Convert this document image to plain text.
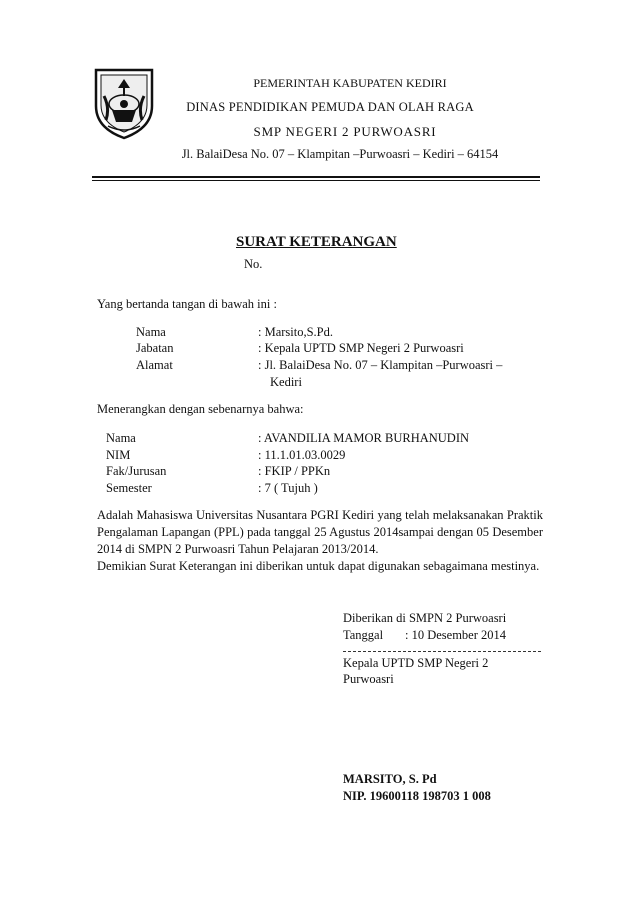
PEMERINTAH KABUPATEN KEDIRI
DINAS PENDIDIKAN PEMUDA DAN OLAH RAGA
SMP NEGERI 2 PURWOASRI
Jl. BalaiDesa No. 07 – Klampitan –Purwoasri – Kediri – 64154
SURAT KETERANGAN
No.
Yang bertanda tangan di bawah ini :
Nama	: Marsito,S.Pd.
Jabatan	: Kepala UPTD SMP Negeri 2 Purwoasri
Alamat	: Jl. BalaiDesa No. 07 – Klampitan –Purwoasri –
Kediri
Menerangkan dengan sebenarnya bahwa:
Nama	: AVANDILIA MAMOR BURHANUDIN
NIM	: 11.1.01.03.0029
Fak/Jurusan	: FKIP / PPKn
Semester	: 7 ( Tujuh )
Adalah Mahasiswa Universitas Nusantara PGRI Kediri yang telah melaksanakan Praktik Pengalaman Lapangan (PPL) pada tanggal 25 Agustus 2014sampai dengan 05 Desember 2014 di SMPN 2 Purwoasri Tahun Pelajaran 2013/2014.
Demikian Surat Keterangan ini diberikan untuk dapat digunakan sebagaimana mestinya.
Diberikan di SMPN 2 Purwoasri
Tanggal : 10 Desember 2014
Kepala UPTD SMP Negeri 2
Purwoasri
MARSITO, S. Pd
NIP. 19600118 198703 1 008
